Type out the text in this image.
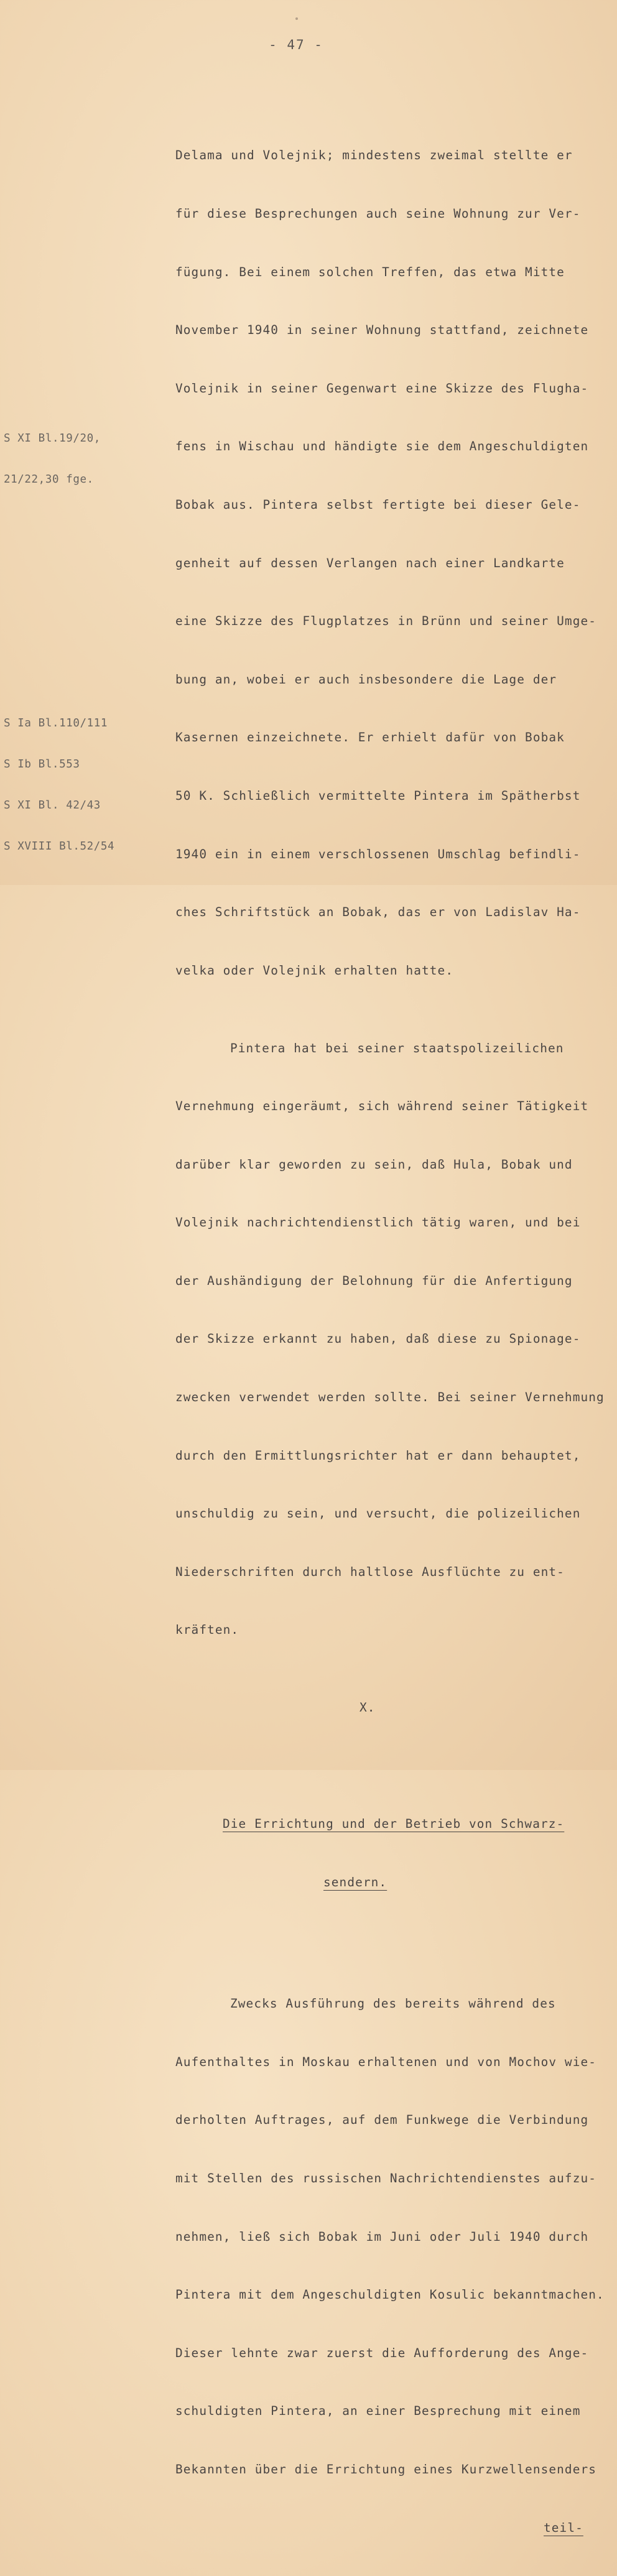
- 47 -

S XI Bl.19/20,

21/22,30 fge.

S Ia Bl.110/111

S Ib Bl.553

S XI Bl. 42/43

S XVIII Bl.52/54

Delama und Volejnik; mindestens zweimal stellte er

für diese Besprechungen auch seine Wohnung zur Ver-

fügung. Bei einem solchen Treffen, das etwa Mitte

November 1940 in seiner Wohnung stattfand, zeichnete

Volejnik in seiner Gegenwart eine Skizze des Flugha-

fens in Wischau und händigte sie dem Angeschuldigten

Bobak aus. Pintera selbst fertigte bei dieser Gele-

genheit auf dessen Verlangen nach einer Landkarte

eine Skizze des Flugplatzes in Brünn und seiner Umge-

bung an, wobei er auch insbesondere die Lage der

Kasernen einzeichnete. Er erhielt dafür von Bobak

50 K. Schließlich vermittelte Pintera im Spätherbst

1940 ein in einem verschlossenen Umschlag befindli-

ches Schriftstück an Bobak, das er von Ladislav Ha-

velka oder Volejnik erhalten hatte.

Pintera hat bei seiner staatspolizeilichen

Vernehmung eingeräumt, sich während seiner Tätigkeit

darüber klar geworden zu sein, daß Hula, Bobak und

Volejnik nachrichtendienstlich tätig waren, und bei

der Aushändigung der Belohnung für die Anfertigung

der Skizze erkannt zu haben, daß diese zu Spionage-

zwecken verwendet werden sollte. Bei seiner Vernehmung

durch den Ermittlungsrichter hat er dann behauptet,

unschuldig zu sein, und versucht, die polizeilichen

Niederschriften durch haltlose Ausflüchte zu ent-

kräften.

X.

Die Errichtung und der Betrieb von Schwarz-

sendern.

Zwecks Ausführung des bereits während des

Aufenthaltes in Moskau erhaltenen und von Mochov wie-

derholten Auftrages, auf dem Funkwege die Verbindung

mit Stellen des russischen Nachrichtendienstes aufzu-

nehmen, ließ sich Bobak im Juni oder Juli 1940 durch

Pintera mit dem Angeschuldigten Kosulic bekanntmachen.

Dieser lehnte zwar zuerst die Aufforderung des Ange-

schuldigten Pintera, an einer Besprechung mit einem

Bekannten über die Errichtung eines Kurzwellensenders

teil-
